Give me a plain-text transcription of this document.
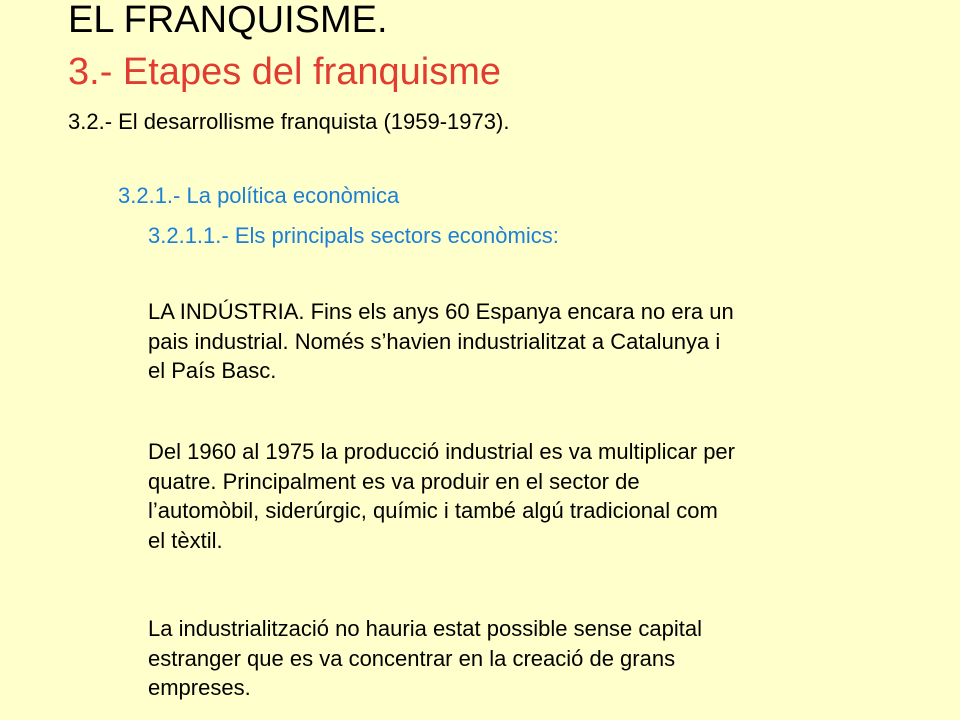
EL FRANQUISME.
3.- Etapes del franquisme
3.2.- El desarrollisme franquista (1959-1973).
3.2.1.- La política econòmica
3.2.1.1.- Els principals sectors econòmics:
LA INDÚSTRIA. Fins els anys 60 Espanya encara no era un
pais industrial. Només s’havien industrialitzat a Catalunya i
el País Basc.
Del 1960 al 1975 la producció industrial es va multiplicar per
quatre. Principalment es va produir en el sector de
l’automòbil, siderúrgic, químic i també algú tradicional com
el tèxtil.
La industrialització no hauria estat possible sense capital
estranger que es va concentrar en la creació de grans
empreses.
